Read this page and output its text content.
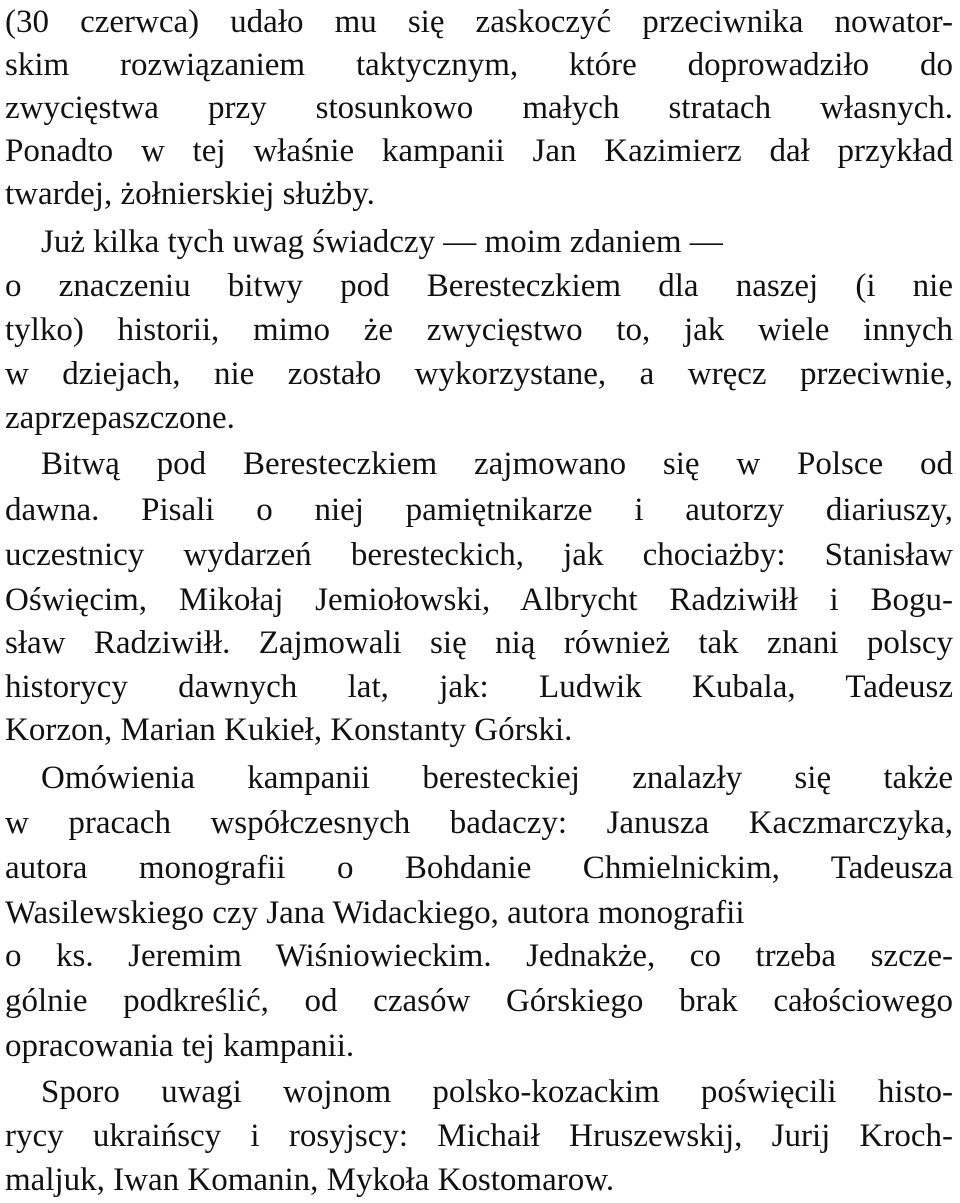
(30 czerwca) udało mu się zaskoczyć przeciwnika nowator-
skim rozwiązaniem taktycznym, które doprowadziło do
zwycięstwa przy stosunkowo małych stratach własnych.
Ponadto w tej właśnie kampanii Jan Kazimierz dał przykład
twardej, żołnierskiej służby.
Już kilka tych uwag świadczy — moim zdaniem —
o znaczeniu bitwy pod Beresteczkiem dla naszej (i nie
tylko) historii, mimo że zwycięstwo to, jak wiele innych
w dziejach, nie zostało wykorzystane, a wręcz przeciwnie,
zaprzepaszczone.
Bitwą pod Beresteczkiem zajmowano się w Polsce od
dawna. Pisali o niej pamiętnikarze i autorzy diariuszy,
uczestnicy wydarzeń beresteckich, jak chociażby: Stanisław
Oświęcim, Mikołaj Jemiołowski, Albrycht Radziwiłł i Bogu-
sław Radziwiłł. Zajmowali się nią również tak znani polscy
historycy dawnych lat, jak: Ludwik Kubala, Tadeusz
Korzon, Marian Kukieł, Konstanty Górski.
Omówienia kampanii beresteckiej znalazły się także
w pracach współczesnych badaczy: Janusza Kaczmarczyka,
autora monografii o Bohdanie Chmielnickim, Tadeusza
Wasilewskiego czy Jana Widackiego, autora monografii
o ks. Jeremim Wiśniowieckim. Jednakże, co trzeba szcze-
gólnie podkreślić, od czasów Górskiego brak całościowego
opracowania tej kampanii.
Sporo uwagi wojnom polsko-kozackim poświęcili histo-
rycy ukraińscy i rosyjscy: Michaił Hruszewskij, Jurij Kroch-
maljuk, Iwan Komanin, Mykoła Kostomarow.
